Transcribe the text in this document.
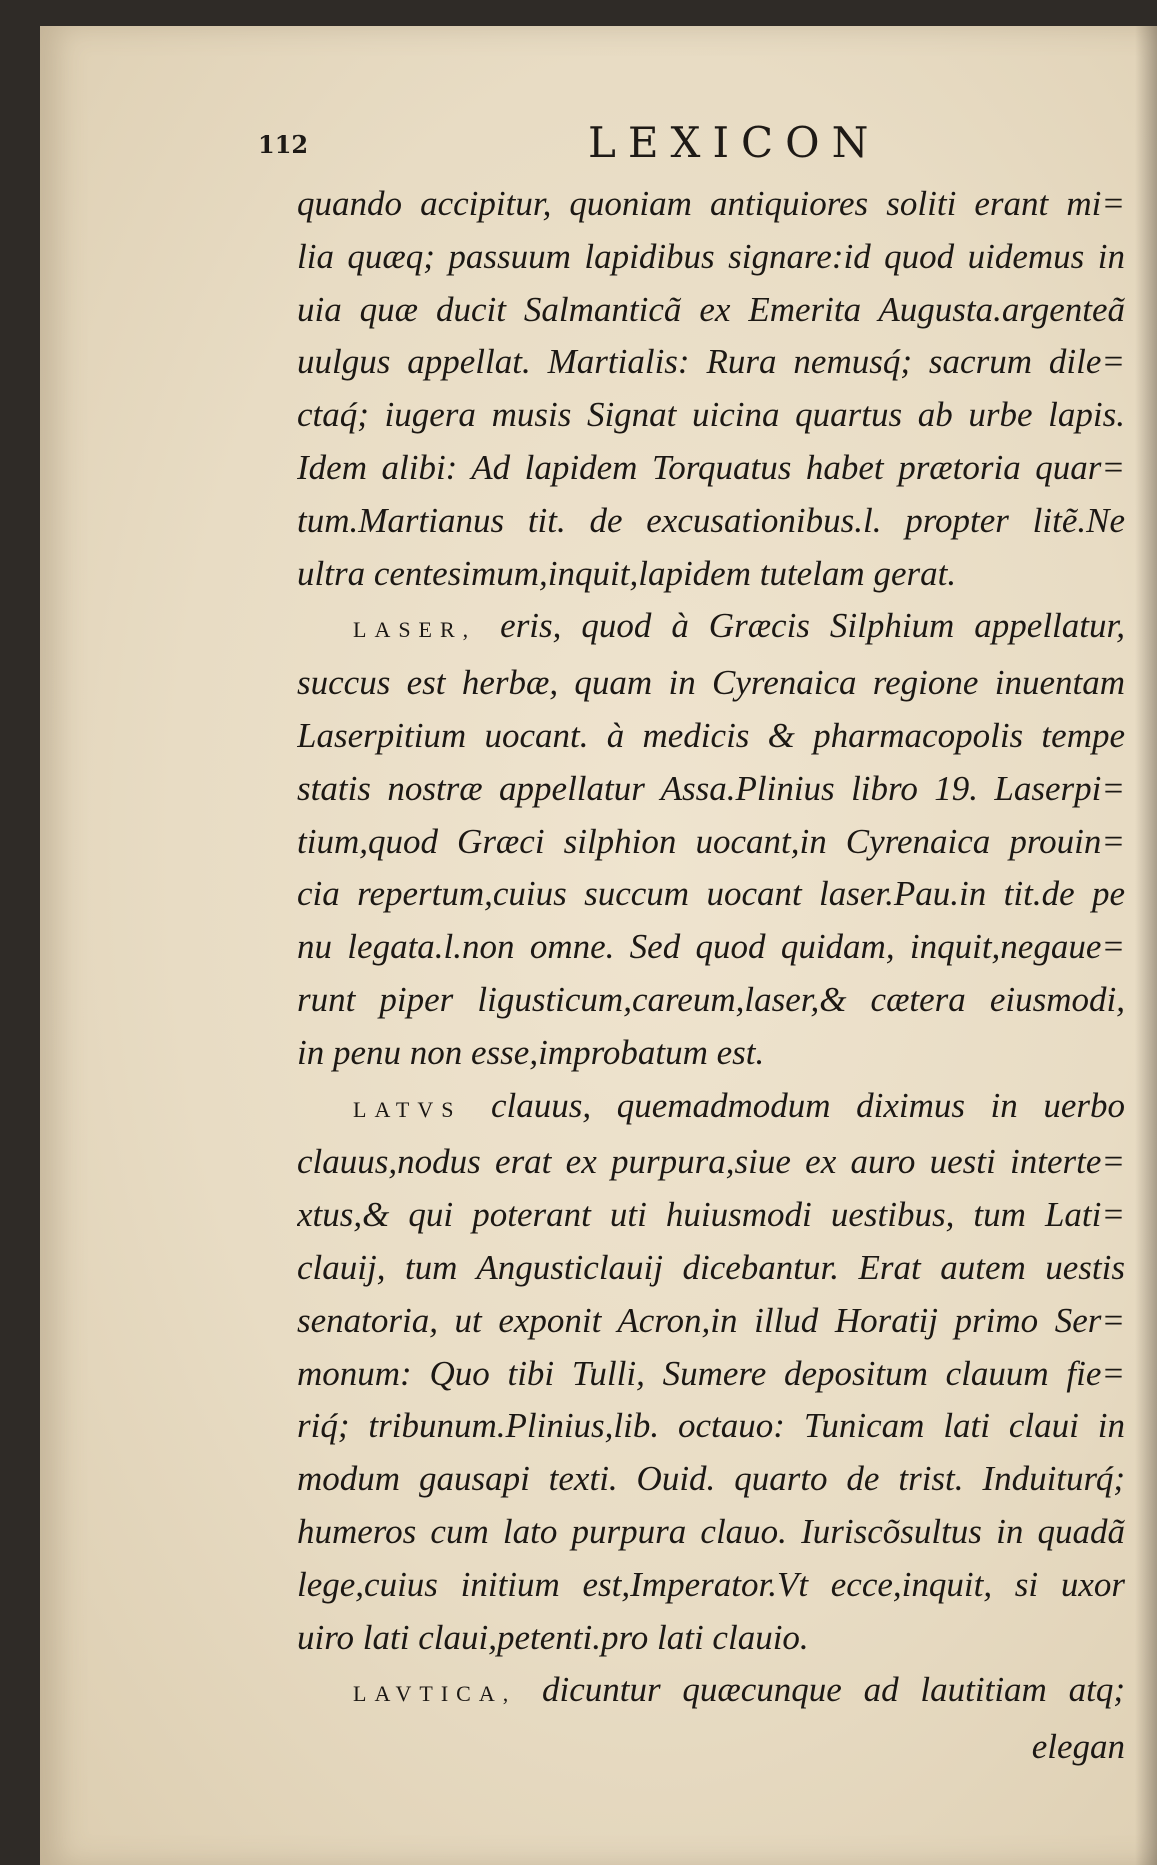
112	LEXICON
quando accipitur, quoniam antiquiores soliti erant mi=
lia quæq; passuum lapidibus signare:id quod uidemus in
uia quæ ducit Salmanticã ex Emerita Augusta.argenteã
uulgus appellat. Martialis: Rura nemusq́; sacrum dile=
ctaq́; iugera musis Signat uicina quartus ab urbe lapis.
Idem alibi: Ad lapidem Torquatus habet prætoria quar=
tum.Martianus tit. de excusationibus.l. propter litẽ.Ne
ultra centesimum,inquit,lapidem tutelam gerat.
LASER, eris, quod à Græcis Silphium appellatur,
succus est herbæ, quam in Cyrenaica regione inuentam
Laserpitium uocant. à medicis & pharmacopolis tempe
statis nostræ appellatur Assa.Plinius libro 19. Laserpi=
tium,quod Græci silphion uocant,in Cyrenaica prouin=
cia repertum,cuius succum uocant laser.Pau.in tit.de pe
nu legata.l.non omne. Sed quod quidam, inquit,negaue=
runt piper ligusticum,careum,laser,& cætera eiusmodi,
in penu non esse,improbatum est.
LATVS clauus, quemadmodum diximus in uerbo
clauus,nodus erat ex purpura,siue ex auro uesti interte=
xtus,& qui poterant uti huiusmodi uestibus, tum Lati=
clauij, tum Angusticlauij dicebantur. Erat autem uestis
senatoria, ut exponit Acron,in illud Horatij primo Ser=
monum: Quo tibi Tulli, Sumere depositum clauum fie=
riq́; tribunum.Plinius,lib. octauo: Tunicam lati claui in
modum gausapi texti. Ouid. quarto de trist. Induiturq́;
humeros cum lato purpura clauo. Iuriscõsultus in quadã
lege,cuius initium est,Imperator.Vt ecce,inquit, si uxor
uiro lati claui,petenti.pro lati clauio.
LAVTICA, dicuntur quæcunque ad lautitiam atq;
elegan
